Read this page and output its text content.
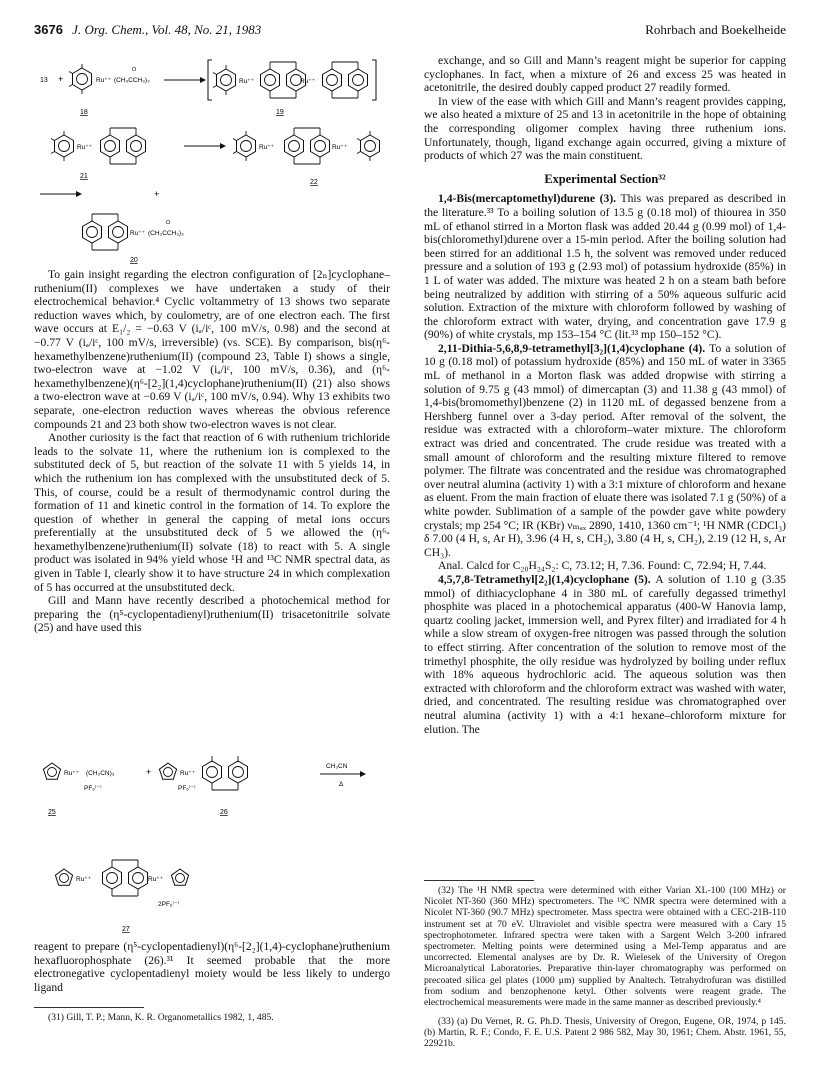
3676 J. Org. Chem., Vol. 48, No. 21, 1983	Rohrbach and Boekelheide
13 +	Ru⁺⁺ (CH₃CCH₃)₃
O
18
Ru⁺⁺	Ru⁺⁺
19
Ru⁺⁺
21
Ru⁺⁺	Ru⁺⁺
22
+
Ru⁺⁺ (CH₃CCH₃)₃
O
20

To gain insight regarding the electron configuration of [2ₙ]cyclophane–ruthenium(II) complexes we have undertaken a study of their electrochemical behavior.⁴ Cyclic voltammetry of 13 shows two separate reduction waves which, by coulometry, are of one electron each. The first wave occurs at E₁/₂ = −0.63 V (iₐ/iᶜ, 100 mV/s, 0.98) and the second at −0.77 V (iₐ/iᶜ, 100 mV/s, irreversible) (vs. SCE). By comparison, bis(η⁶-hexamethylbenzene)ruthenium(II) (compound 23, Table I) shows a single, two-electron wave at −1.02 V (iₐ/iᶜ, 100 mV/s, 0.36), and (η⁶-hexamethylbenzene)(η⁶-[2₂](1,4)cyclophane)ruthenium(II) (21) also shows a two-electron wave at −0.69 V (iₐ/iᶜ, 100 mV/s, 0.94). Why 13 exhibits two separate, one-electron reduction waves whereas the obvious reference compounds 21 and 23 both show two-electron waves is not clear.

Another curiosity is the fact that reaction of 6 with ruthenium trichloride leads to the solvate 11, where the ruthenium ion is complexed to the substituted deck of 5, but reaction of the solvate 11 with 5 yields 14, in which the ruthenium ion has complexed with the unsubstituted deck of 5. This, of course, could be a result of thermodynamic control during the formation of 11 and kinetic control in the formation of 14. To explore the question of whether in general the capping of metal ions occurs preferentially at the unsubstituted deck of 5 we allowed the (η⁶-hexamethylbenzene)ruthenium(II) solvate (18) to react with 5. A single product was isolated in 94% yield whose ¹H and ¹³C NMR spectral data, as given in Table I, clearly show it to have structure 24 in which complexation of 5 has occurred at the unsubstituted deck.

Gill and Mann have recently described a photochemical method for preparing the (η⁵-cyclopentadienyl)ruthenium(II) trisacetonitrile solvate (25) and have used this

Ru⁺⁺ (CH₃CN)₃
PF₆⁽⁻⁾
25
+	Ru⁺⁺
PF₆⁽⁻⁾
26
CH₃CN
Δ
Ru⁺⁺	Ru⁺⁺
2PF₆⁽⁻⁾
27

reagent to prepare (η⁵-cyclopentadienyl)(η⁶-[2₂](1,4)-cyclophane)ruthenium hexafluorophosphate (26).³¹ It seemed probable that the more electronegative cyclopentadienyl moiety would be less likely to undergo ligand

(31) Gill, T. P.; Mann, K. R. Organometallics 1982, 1, 485.

exchange, and so Gill and Mann’s reagent might be superior for capping cyclophanes. In fact, when a mixture of 26 and excess 25 was heated in acetonitrile, the desired doubly capped product 27 readily formed.

In view of the ease with which Gill and Mann’s reagent provides capping, we also heated a mixture of 25 and 13 in acetonitrile in the hope of obtaining the corresponding oligomer complex having three ruthenium ions. Unfortunately, though, ligand exchange again occurred, giving a mixture of products of which 27 was the main constituent.

Experimental Section³²

1,4-Bis(mercaptomethyl)durene (3). This was prepared as described in the literature.³³ To a boiling solution of 13.5 g (0.18 mol) of thiourea in 350 mL of ethanol stirred in a Morton flask was added 20.44 g (0.99 mol) of 1,4-bis(chloromethyl)durene over a 15-min period. After the boiling solution had been stirred for an additional 1.5 h, the solvent was removed under reduced pressure and a solution of 193 g (2.93 mol) of potassium hydroxide (85%) in 1 L of water was added. The mixture was heated 2 h on a steam bath before being neutralized by addition with stirring of a 50% aqueous sulfuric acid solution. Extraction of the mixture with chloroform followed by washing of the chloroform extract with water, drying, and concentration gave 17.9 g (90%) of white crystals, mp 153–154 °C (lit.³³ mp 150–152 °C).

2,11-Dithia-5,6,8,9-tetramethyl[3₂](1,4)cyclophane (4). To a solution of 10 g (0.18 mol) of potassium hydroxide (85%) and 150 mL of water in 3365 mL of methanol in a Morton flask was added dropwise with stirring a solution of 9.75 g (43 mmol) of dimercaptan (3) and 11.38 g (43 mmol) of 1,4-bis(bromomethyl)benzene (2) in 1120 mL of degassed benzene from a Hershberg funnel over a 3-day period. After removal of the solvent, the residue was extracted with a chloroform–water mixture. The chloroform extract was dried and concentrated. The crude residue was treated with a small amount of chloroform and the resulting mixture filtered to remove polymer. The filtrate was concentrated and the residue was chromatographed over neutral alumina (activity 1) with a 3:1 mixture of chloroform and hexane as eluent. From the main fraction of eluate there was isolated 7.1 g (50%) of a white powder. Sublimation of a sample of the powder gave white powdery crystals; mp 254 °C; IR (KBr) νₘₐₓ 2890, 1410, 1360 cm⁻¹; ¹H NMR (CDCl₃) δ 7.00 (4 H, s, Ar H), 3.96 (4 H, s, CH₂), 3.80 (4 H, s, CH₂), 2.19 (12 H, s, Ar CH₃).

Anal. Calcd for C₂₀H₂₄S₂: C, 73.12; H, 7.36. Found: C, 72.94; H, 7.44.

4,5,7,8-Tetramethyl[2₂](1,4)cyclophane (5). A solution of 1.10 g (3.35 mmol) of dithiacyclophane 4 in 380 mL of carefully degassed trimethyl phosphite was placed in a photochemical apparatus (400-W Hanovia lamp, quartz cooling jacket, immersion well, and Pyrex filter) and irradiated for 4 h while a slow stream of oxygen-free nitrogen was passed through the solution to effect stirring. After concentration of the solution to remove most of the trimethyl phosphite, the oily residue was hydrolyzed by boiling under reflux with 18% aqueous hydrochloric acid. The aqueous solution was then extracted with chloroform and the chloroform extract was washed with water, dried, and concentrated. The resulting residue was chromatographed over neutral alumina (activity 1) with a 4:1 hexane–chloroform mixture for elution. The

(32) The ¹H NMR spectra were determined with either Varian XL-100 (100 MHz) or Nicolet NT-360 (360 MHz) spectrometers. The ¹³C NMR spectra were determined with a Nicolet NT-360 (90.7 MHz) spectrometer. Mass spectra were obtained with a CEC-21B-110 instrument set at 70 eV. Ultraviolet and visible spectra were measured with a Cary 15 spectrophotometer. Infrared spectra were taken with a Sargent Welch 3-200 infrared spectrometer. Melting points were determined using a Mel-Temp apparatus and are uncorrected. Elemental analyses are by Dr. R. Wielesek of the University of Oregon Microanalytical Laboratories. Preparative thin-layer chromatography was performed on precoated silica gel plates (1000 μm) supplied by Analtech. Tetrahydrofuran was distilled from sodium and benzophenone ketyl. Other solvents were reagent grade. The electrochemical measurements were made in the same manner as described previously.⁴
(33) (a) Du Vernet, R. G. Ph.D. Thesis, University of Oregon, Eugene, OR, 1974, p 145. (b) Martin, R. F.; Condo, F. E. U.S. Patent 2 986 582, May 30, 1961; Chem. Abstr. 1961, 55, 22921b.
